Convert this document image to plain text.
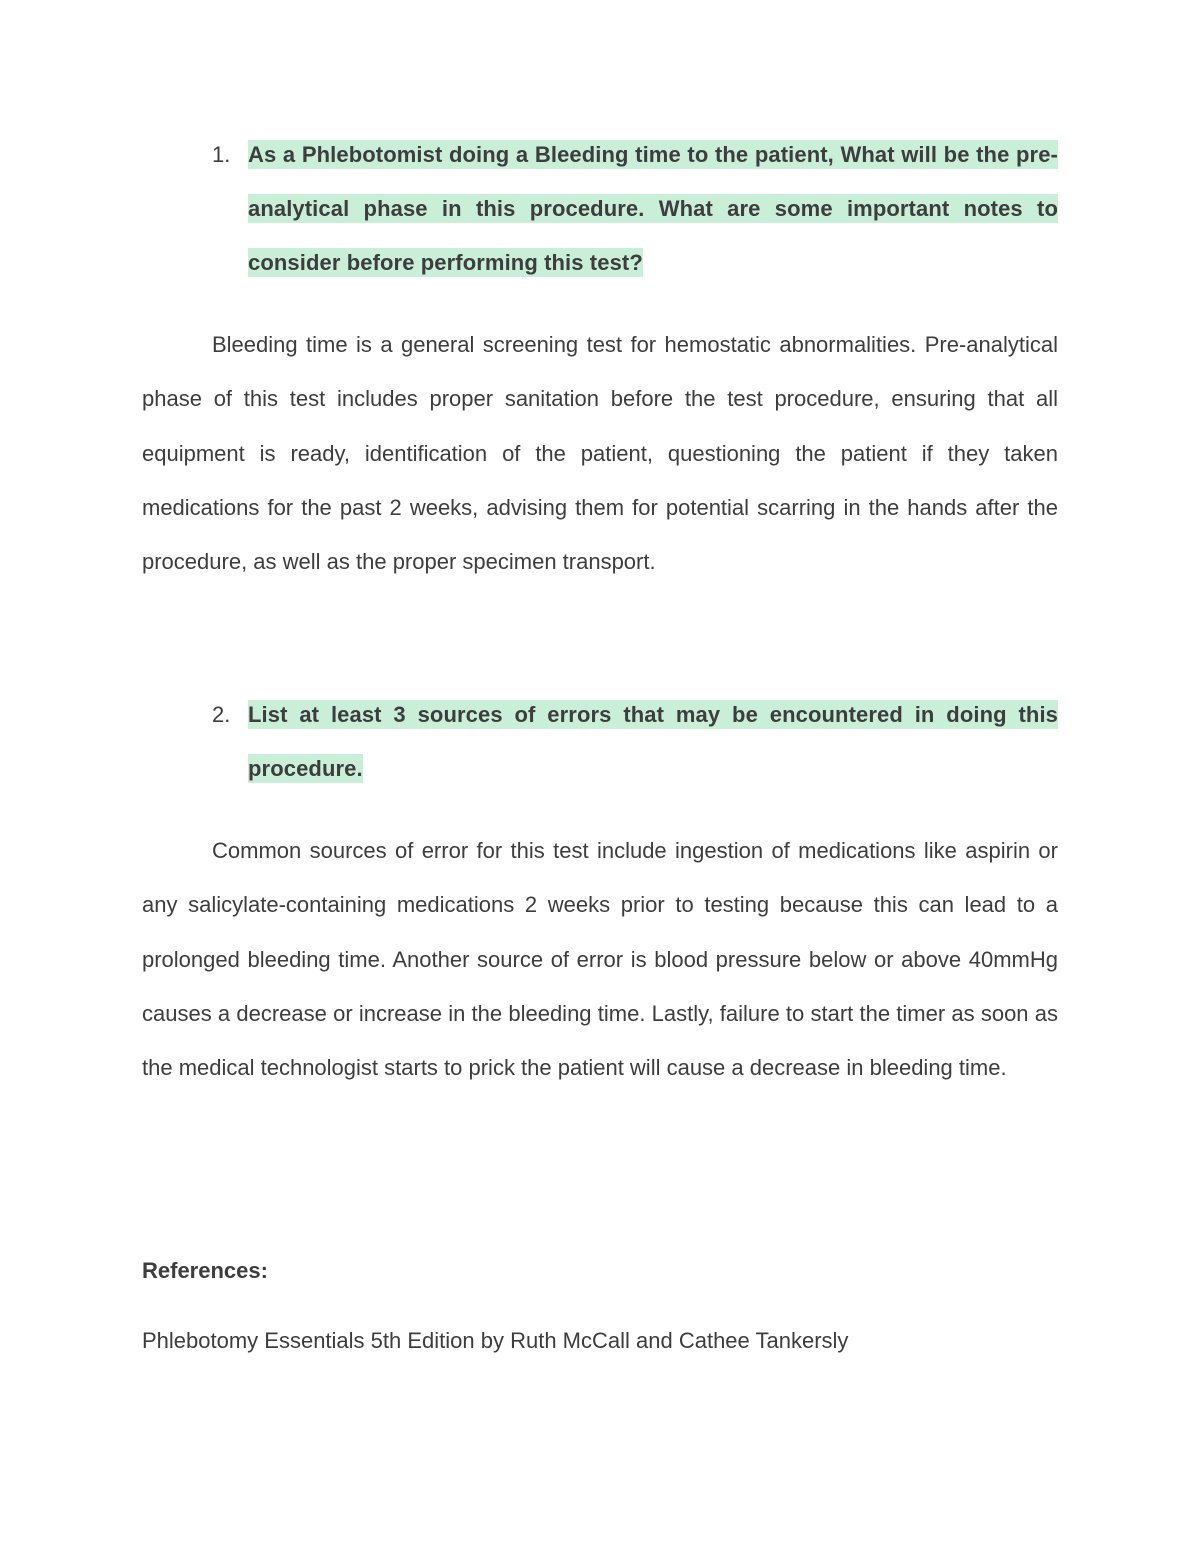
1. As a Phlebotomist doing a Bleeding time to the patient, What will be the pre-analytical phase in this procedure. What are some important notes to consider before performing this test?

Bleeding time is a general screening test for hemostatic abnormalities. Pre-analytical phase of this test includes proper sanitation before the test procedure, ensuring that all equipment is ready, identification of the patient, questioning the patient if they taken medications for the past 2 weeks, advising them for potential scarring in the hands after the procedure, as well as the proper specimen transport.

2. List at least 3 sources of errors that may be encountered in doing this procedure.

Common sources of error for this test include ingestion of medications like aspirin or any salicylate-containing medications 2 weeks prior to testing because this can lead to a prolonged bleeding time. Another source of error is blood pressure below or above 40mmHg causes a decrease or increase in the bleeding time. Lastly, failure to start the timer as soon as the medical technologist starts to prick the patient will cause a decrease in bleeding time.

References:

Phlebotomy Essentials 5th Edition by Ruth McCall and Cathee Tankersly
